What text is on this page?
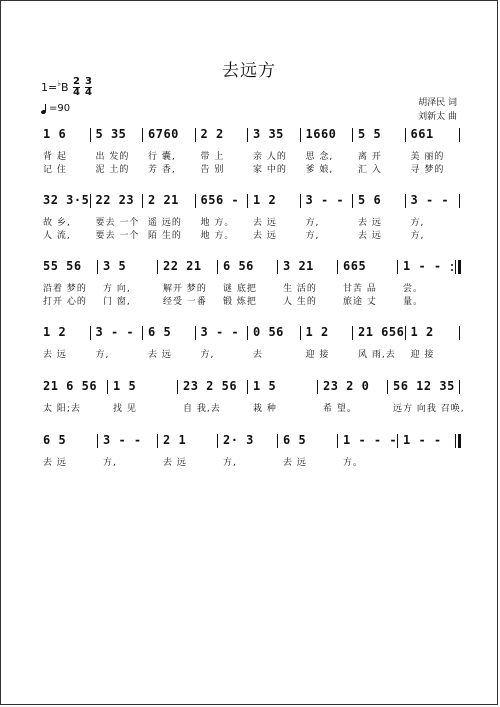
去远方
1= ♭ B $\frac{2}{4} \frac{3}{4}$
=90	胡泽民 词
刘新太 曲
1 6 5 35 6760 2 2 3 35 1660 5 5 661
背 起	出 发的 行 囊,	带 上	亲 人的 思 念,	离 开	美 丽的
记 住	泥 土的 芳 香,	告 别	家 中的 爹 娘,	汇 入	寻 梦的
32 3·5 22 23 2 21 656 - 1 2 3 - - 5 6 3 - -
故 乡,	要去 一个 遥 远的 地 方。 去 远	方,	去 远	方,
人 流,	要去 一个 陌 生的 地 方。 去 远	方,	去 远	方,
55 56 3 5	22 21 6 56 3 21 665	1 - -
沿着 梦的 方 向,	解开 梦的 谜 底把	生 活的	甘苦 品	尝。
打开 心的 门 窗,	经受 一番 锻 炼把	人 生的	旅途 丈	量。
1 2 3 - - 6 5 3 - - 0 56 1 2 21 656 1 2
去 远	方,	去 远	方,	去	迎 接	风 雨,去 迎 接
21 6 56 1 5	23 2 56 1 5	23 2 0 56 12 35
太 阳;去	找 见	自 我,去	栽 种	希 望。	远方 向我 召唤,
6 5	3 - - 2 1	2· 3 6 5	1 - - - 1 - -
去 远	方,	去 远	方,	去 远	方。
